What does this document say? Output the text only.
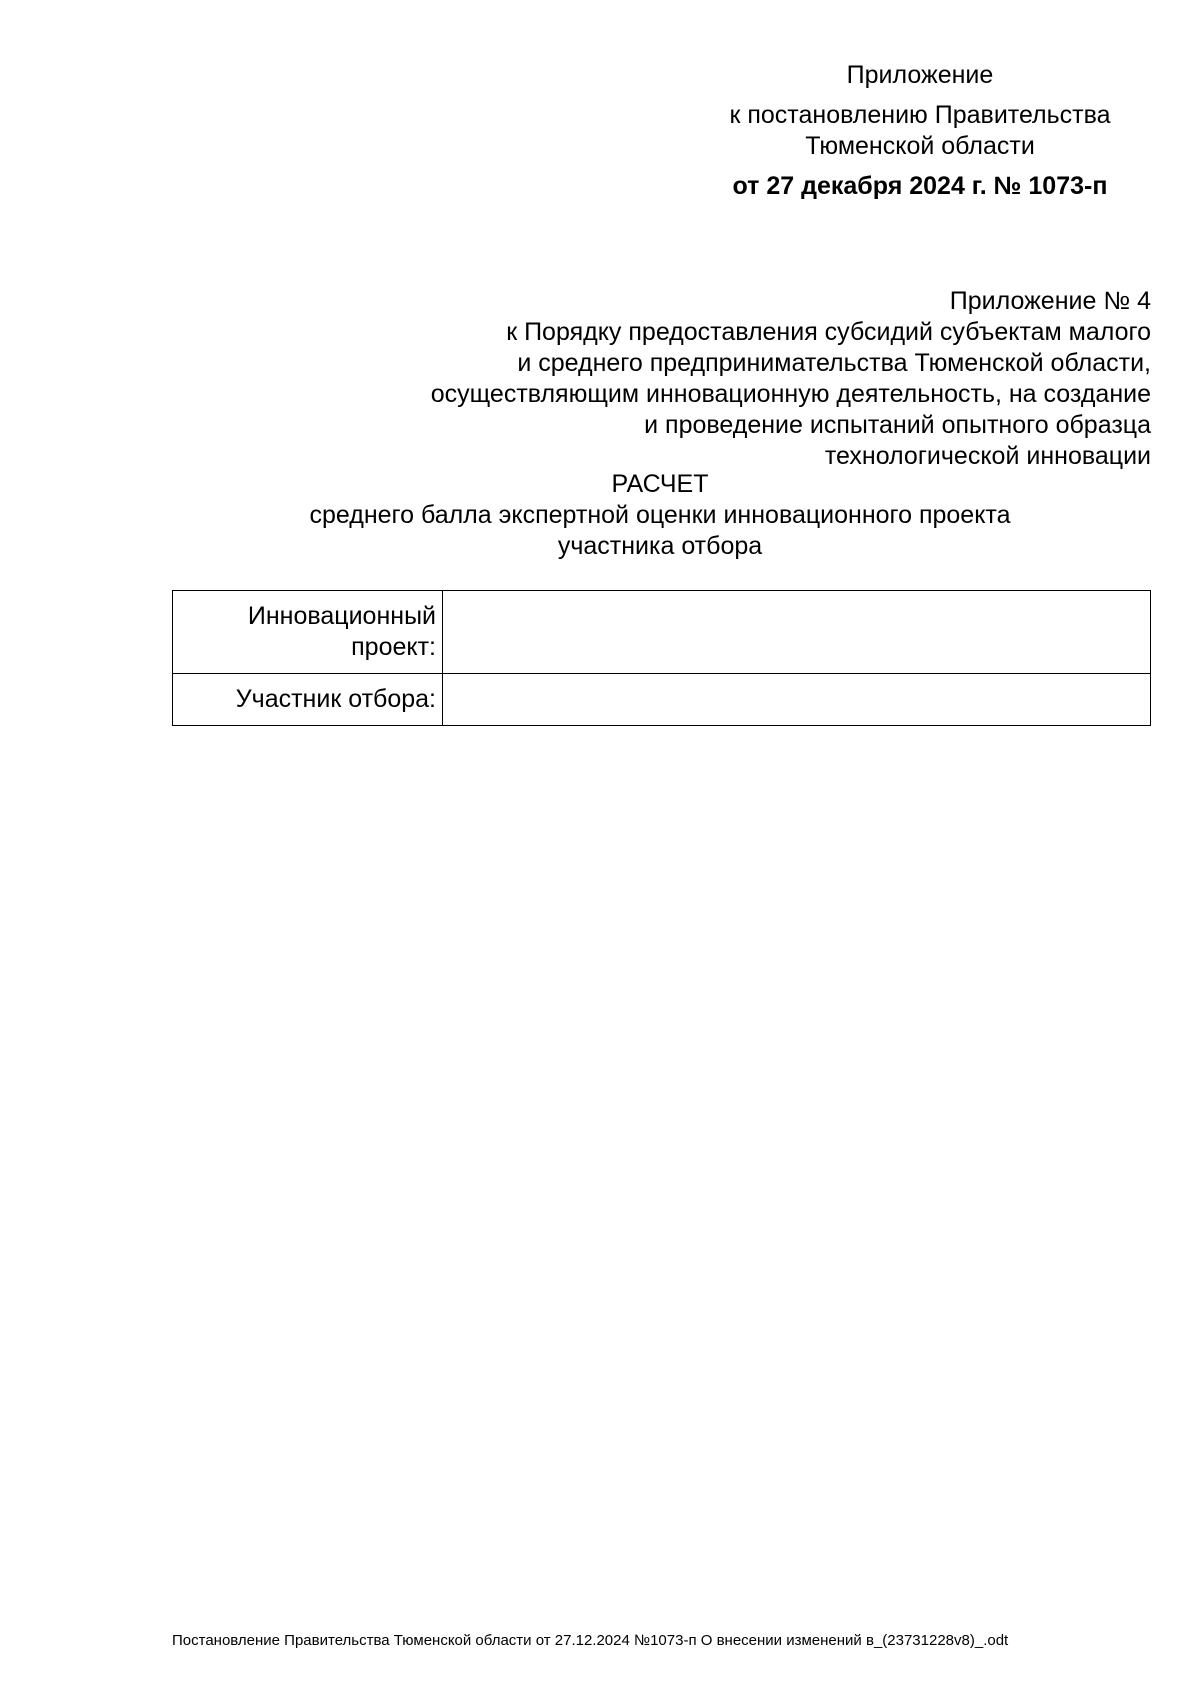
Приложение
к постановлению Правительства
Тюменской области
от 27 декабря 2024 г. № 1073-п
Приложение № 4
к Порядку предоставления субсидий субъектам малого
и среднего предпринимательства Тюменской области,
осуществляющим инновационную деятельность, на создание
и проведение испытаний опытного образца
технологической инновации
РАСЧЕТ
среднего балла экспертной оценки инновационного проекта
участника отбора
Инновационный
проект:	

Участник отбора:	

Постановление Правительства Тюменской области от 27.12.2024 №1073-п О внесении изменений в_(23731228v8)_.odt
